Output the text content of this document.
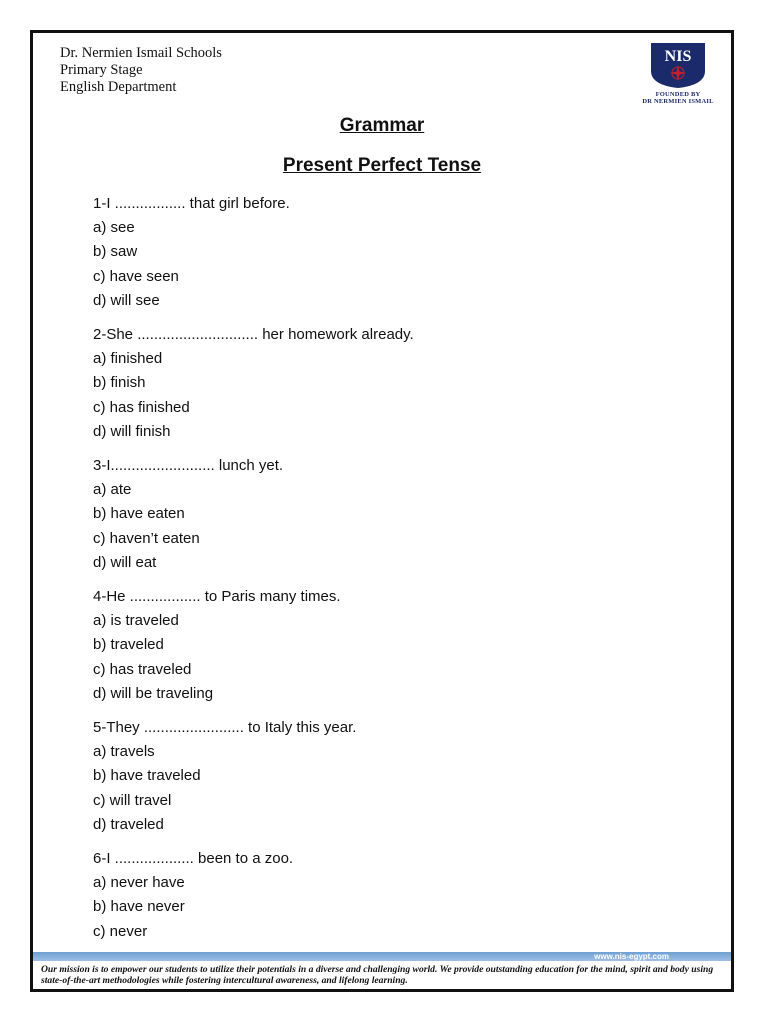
Dr. Nermien Ismail Schools
Primary Stage
English Department
NIS
FOUNDED BY
DR NERMIEN ISMAIL
Grammar
Present Perfect Tense
1-I ................. that girl before.
a) see
b) saw
c) have seen
d) will see
2-She ............................. her homework already.
a) finished
b) finish
c) has finished
d) will finish
3-I......................... lunch yet.
a) ate
b) have eaten
c) haven’t eaten
d) will eat
4-He ................. to Paris many times.
a) is traveled
b) traveled
c) has traveled
d) will be traveling
5-They ........................ to Italy this year.
a) travels
b) have traveled
c) will travel
d) traveled
6-I ................... been to a zoo.
a) never have
b) have never
c) never
www.nis-egypt.com
Our mission is to empower our students to utilize their potentials in a diverse and challenging world. We provide outstanding education for the mind, spirit and body using state-of-the-art methodologies while fostering intercultural awareness, and lifelong learning.
